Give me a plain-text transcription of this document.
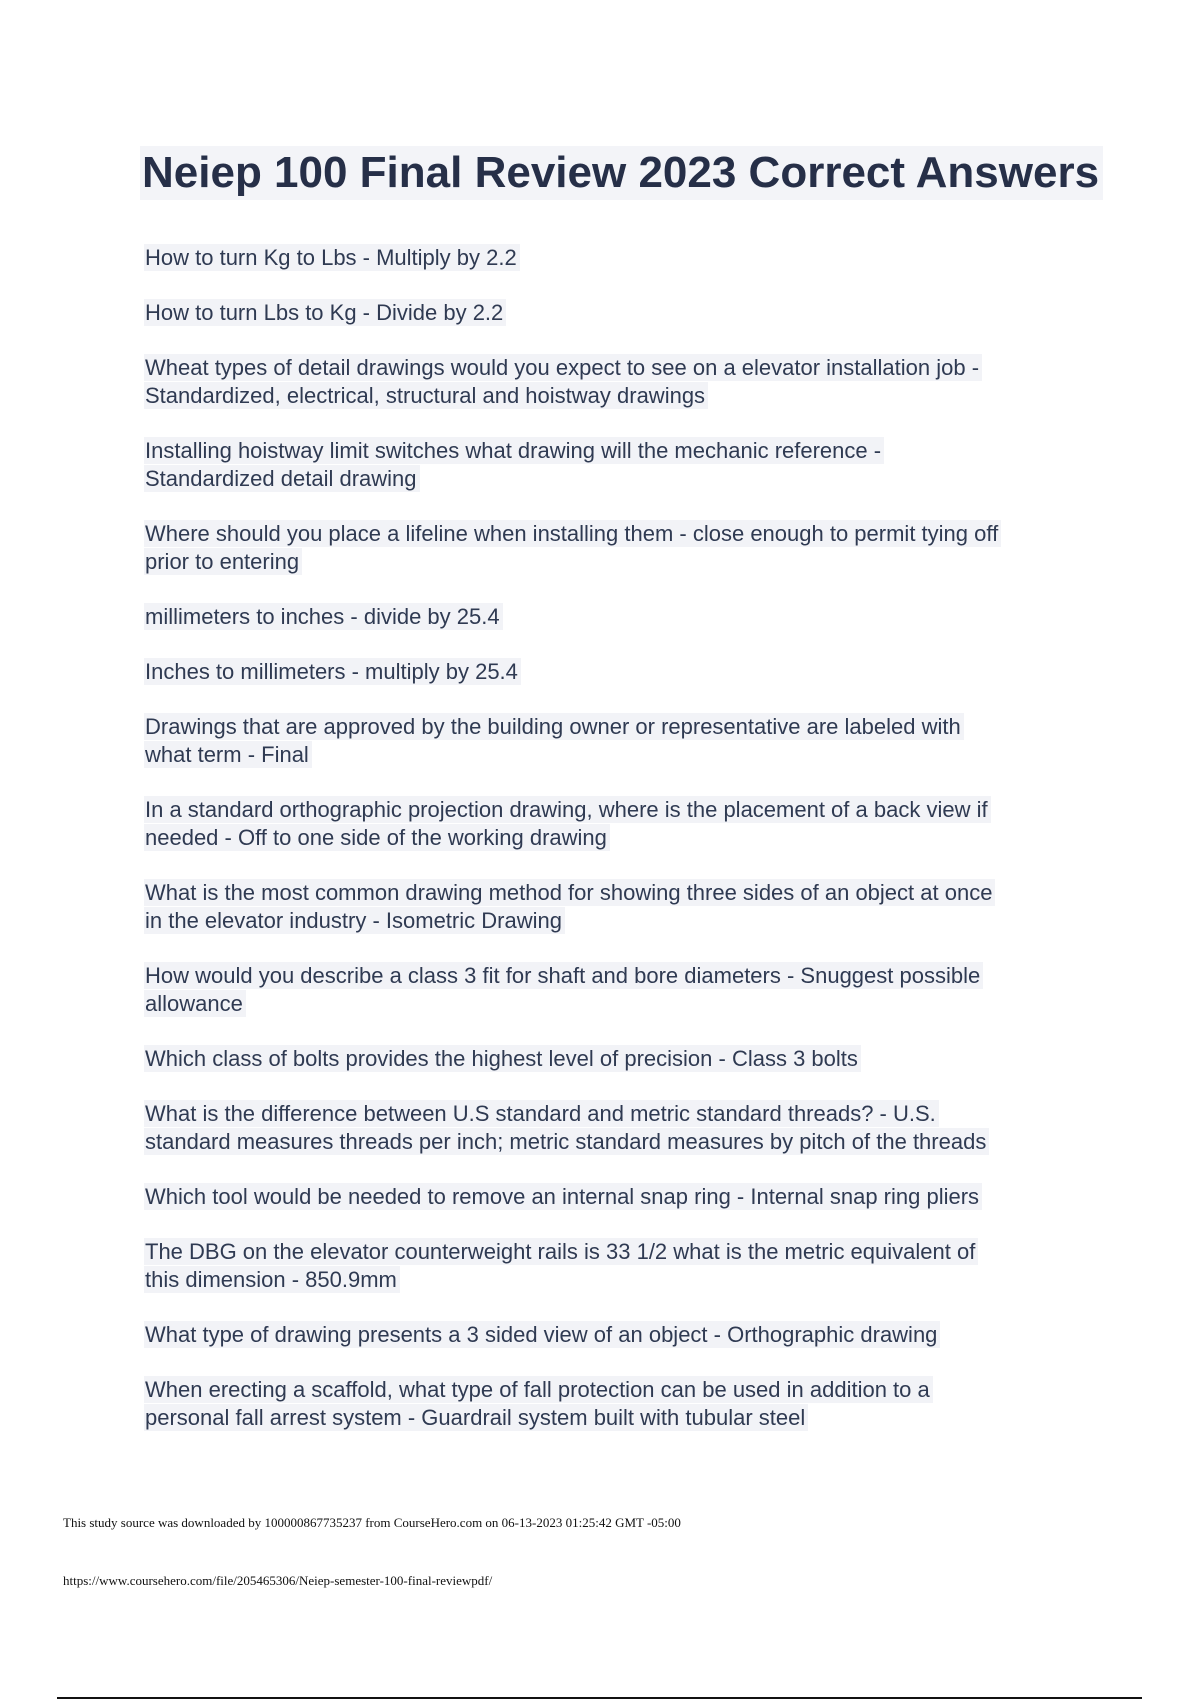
Neiep 100 Final Review 2023 Correct Answers
How to turn Kg to Lbs - Multiply by 2.2
How to turn Lbs to Kg - Divide by 2.2
Wheat types of detail drawings would you expect to see on a elevator installation job -
Standardized, electrical, structural and hoistway drawings
Installing hoistway limit switches what drawing will the mechanic reference -
Standardized detail drawing
Where should you place a lifeline when installing them - close enough to permit tying off
prior to entering
millimeters to inches - divide by 25.4
Inches to millimeters - multiply by 25.4
Drawings that are approved by the building owner or representative are labeled with
what term - Final
In a standard orthographic projection drawing, where is the placement of a back view if
needed - Off to one side of the working drawing
What is the most common drawing method for showing three sides of an object at once
in the elevator industry - Isometric Drawing
How would you describe a class 3 fit for shaft and bore diameters - Snuggest possible
allowance
Which class of bolts provides the highest level of precision - Class 3 bolts
What is the difference between U.S standard and metric standard threads? - U.S.
standard measures threads per inch; metric standard measures by pitch of the threads
Which tool would be needed to remove an internal snap ring - Internal snap ring pliers
The DBG on the elevator counterweight rails is 33 1/2 what is the metric equivalent of
this dimension - 850.9mm
What type of drawing presents a 3 sided view of an object - Orthographic drawing
When erecting a scaffold, what type of fall protection can be used in addition to a
personal fall arrest system - Guardrail system built with tubular steel
This study source was downloaded by 100000867735237 from CourseHero.com on 06-13-2023 01:25:42 GMT -05:00
https://www.coursehero.com/file/205465306/Neiep-semester-100-final-reviewpdf/
